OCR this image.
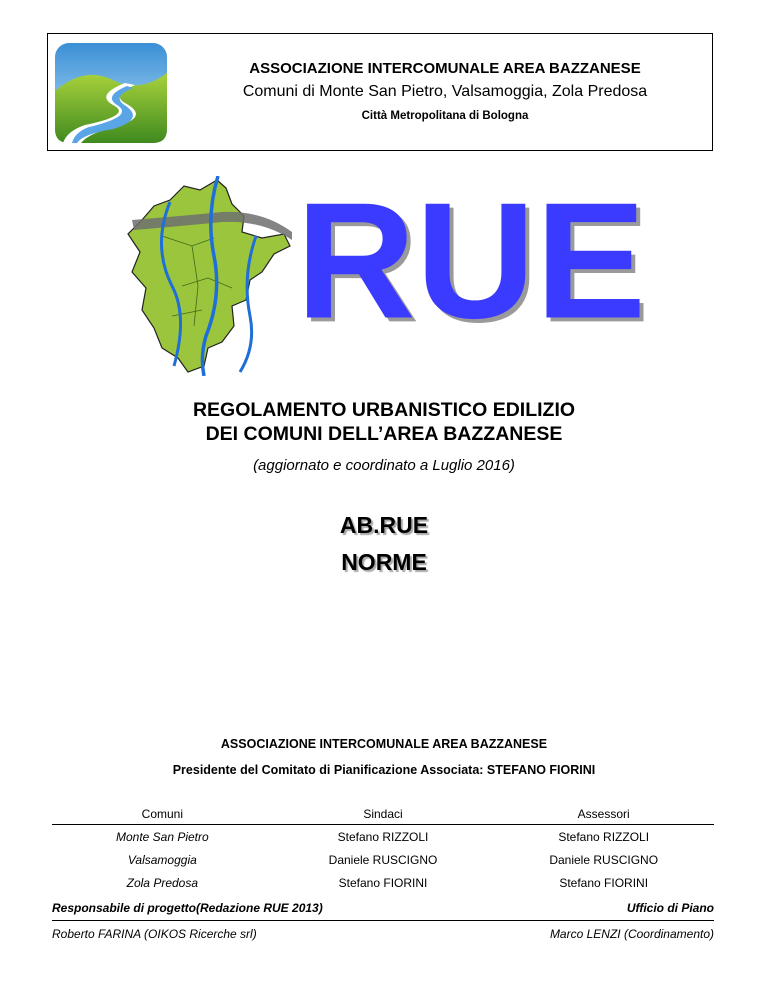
ASSOCIAZIONE INTERCOMUNALE AREA BAZZANESE
Comuni di Monte San Pietro, Valsamoggia, Zola Predosa
Città Metropolitana di Bologna
RUE
RUE
REGOLAMENTO URBANISTICO EDILIZIO
DEI COMUNI DELL’AREA BAZZANESE
(aggiornato e coordinato a Luglio 2016)
AB.RUE
NORME
ASSOCIAZIONE INTERCOMUNALE AREA BAZZANESE
Presidente del Comitato di Pianificazione Associata: STEFANO FIORINI
Comuni	Sindaci	Assessori
Monte San Pietro	Stefano RIZZOLI	Stefano RIZZOLI
Valsamoggia	Daniele RUSCIGNO	Daniele RUSCIGNO
Zola Predosa	Stefano FIORINI	Stefano FIORINI
Responsabile di progetto(Redazione RUE 2013)	Ufficio di Piano
Roberto FARINA (OIKOS Ricerche srl)	Marco LENZI (Coordinamento)
